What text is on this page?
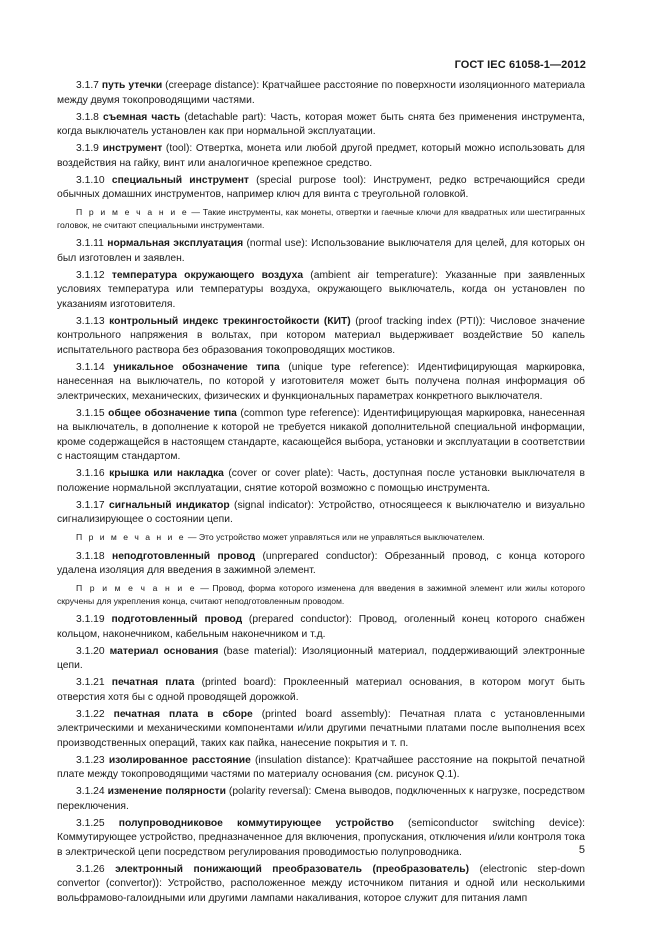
ГОСТ IEC 61058-1—2012

3.1.7 путь утечки (creepage distance): Кратчайшее расстояние по поверхности изоляционного материала между двумя токопроводящими частями.

3.1.8 съемная часть (detachable part): Часть, которая может быть снята без применения инструмента, когда выключатель установлен как при нормальной эксплуатации.

3.1.9 инструмент (tool): Отвертка, монета или любой другой предмет, который можно использовать для воздействия на гайку, винт или аналогичное крепежное средство.

3.1.10 специальный инструмент (special purpose tool): Инструмент, редко встречающийся среди обычных домашних инструментов, например ключ для винта с треугольной головкой.

П р и м е ч а н и е — Такие инструменты, как монеты, отвертки и гаечные ключи для квадратных или шестигранных головок, не считают специальными инструментами.

3.1.11 нормальная эксплуатация (normal use): Использование выключателя для целей, для которых он был изготовлен и заявлен.

3.1.12 температура окружающего воздуха (ambient air temperature): Указанные при заявленных условиях температура или температуры воздуха, окружающего выключатель, когда он установлен по указаниям изготовителя.

3.1.13 контрольный индекс трекингостойкости (КИТ) (proof tracking index (PTI)): Числовое значение контрольного напряжения в вольтах, при котором материал выдерживает воздействие 50 капель испытательного раствора без образования токопроводящих мостиков.

3.1.14 уникальное обозначение типа (unique type reference): Идентифицирующая маркировка, нанесенная на выключатель, по которой у изготовителя может быть получена полная информация об электрических, механических, физических и функциональных параметрах конкретного выключателя.

3.1.15 общее обозначение типа (common type reference): Идентифицирующая маркировка, нанесенная на выключатель, в дополнение к которой не требуется никакой дополнительной специальной информации, кроме содержащейся в настоящем стандарте, касающейся выбора, установки и эксплуатации в соответствии с настоящим стандартом.

3.1.16 крышка или накладка (cover or cover plate): Часть, доступная после установки выключателя в положение нормальной эксплуатации, снятие которой возможно с помощью инструмента.

3.1.17 сигнальный индикатор (signal indicator): Устройство, относящееся к выключателю и визуально сигнализирующее о состоянии цепи.

П р и м е ч а н и е — Это устройство может управляться или не управляться выключателем.

3.1.18 неподготовленный провод (unprepared conductor): Обрезанный провод, с конца которого удалена изоляция для введения в зажимной элемент.

П р и м е ч а н и е — Провод, форма которого изменена для введения в зажимной элемент или жилы которого скручены для укрепления конца, считают неподготовленным проводом.

3.1.19 подготовленный провод (prepared conductor): Провод, оголенный конец которого снабжен кольцом, наконечником, кабельным наконечником и т.д.

3.1.20 материал основания (base material): Изоляционный материал, поддерживающий электронные цепи.

3.1.21 печатная плата (printed board): Проклеенный материал основания, в котором могут быть отверстия хотя бы с одной проводящей дорожкой.

3.1.22 печатная плата в сборе (printed board assembly): Печатная плата с установленными электрическими и механическими компонентами и/или другими печатными платами после выполнения всех производственных операций, таких как пайка, нанесение покрытия и т. п.

3.1.23 изолированное расстояние (insulation distance): Кратчайшее расстояние на покрытой печатной плате между токопроводящими частями по материалу основания (см. рисунок Q.1).

3.1.24 изменение полярности (polarity reversal): Смена выводов, подключенных к нагрузке, посредством переключения.

3.1.25 полупроводниковое коммутирующее устройство (semiconductor switching device): Коммутирующее устройство, предназначенное для включения, пропускания, отключения и/или контроля тока в электрической цепи посредством регулирования проводимостью полупроводника.

3.1.26 электронный понижающий преобразователь (преобразователь) (electronic step-down convertor (convertor)): Устройство, расположенное между источником питания и одной или несколькими вольфрамово-галоидными или другими лампами накаливания, которое служит для питания ламп

5
